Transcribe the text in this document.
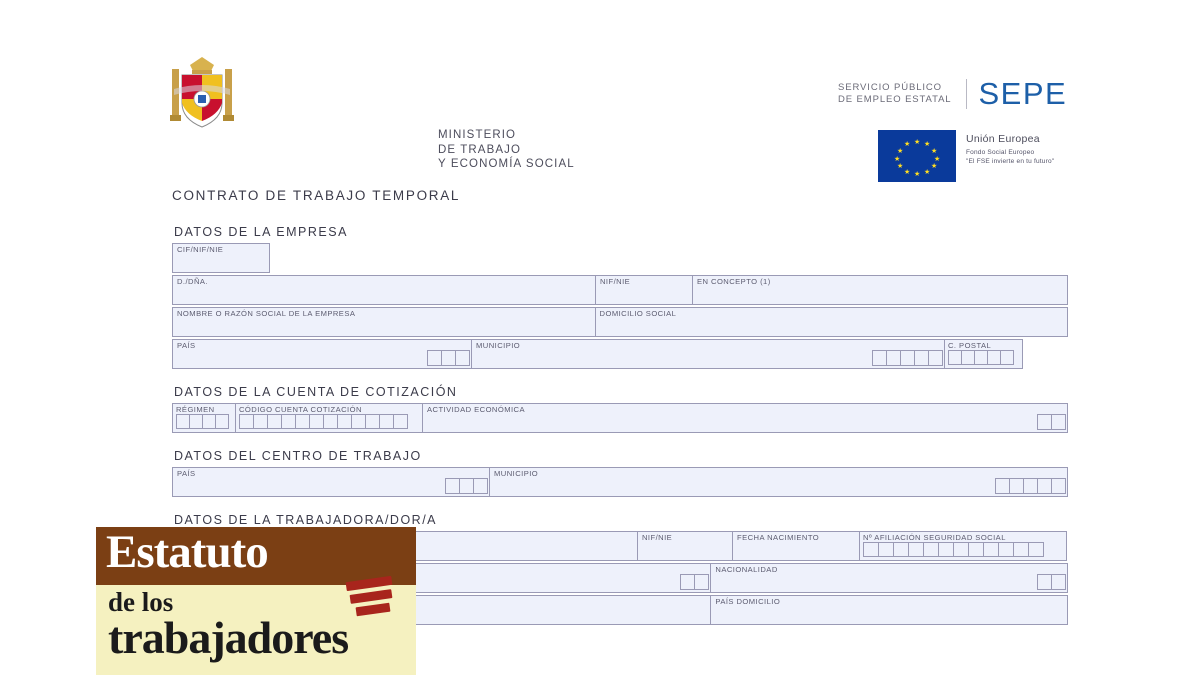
MINISTERIO
DE TRABAJO
Y ECONOMÍA SOCIAL
SERVICIO PÚBLICO
DE EMPLEO ESTATAL SEPE
★
★ ★
★	★
★	★
★	★
★ ★
★
Unión Europea
Fondo Social Europeo
"El FSE invierte en tu futuro"
CONTRATO DE TRABAJO TEMPORAL
DATOS DE LA EMPRESA
CIF/NIF/NIE
D./DÑA.	NIF/NIE	EN CONCEPTO (1)
NOMBRE O RAZÓN SOCIAL DE LA EMPRESA	DOMICILIO SOCIAL
PAÍS	MUNICIPIO	C. POSTAL
DATOS DE LA CUENTA DE COTIZACIÓN
RÉGIMEN	CÓDIGO CUENTA COTIZACIÓN	ACTIVIDAD ECONÓMICA
DATOS DEL CENTRO DE TRABAJO
PAÍS	MUNICIPIO
DATOS DE LA TRABAJADORA/DOR/A
NIF/NIE	FECHA NACIMIENTO	Nº AFILIACIÓN SEGURIDAD SOCIAL
NACIONALIDAD
PAÍS DOMICILIO
Estatuto
de los
trabajadores
